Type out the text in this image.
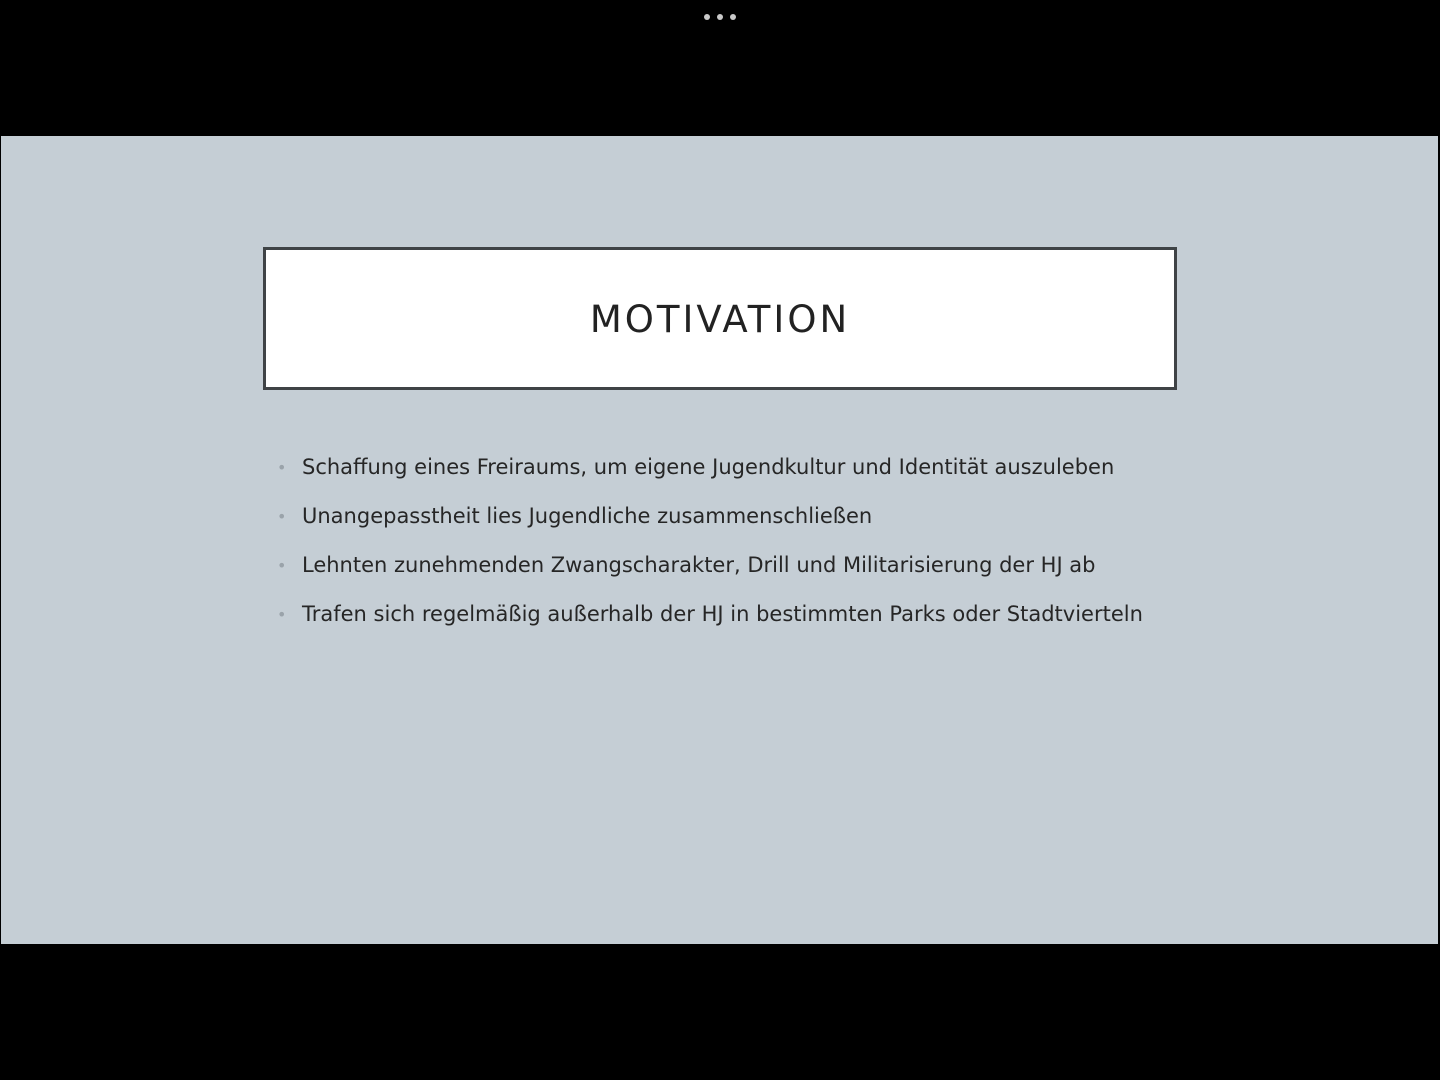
MOTIVATION
• Schaffung eines Freiraums, um eigene Jugendkultur und Identität auszuleben
• Unangepasstheit lies Jugendliche zusammenschließen
• Lehnten zunehmenden Zwangscharakter, Drill und Militarisierung der HJ ab
• Trafen sich regelmäßig außerhalb der HJ in bestimmten Parks oder Stadtvierteln
